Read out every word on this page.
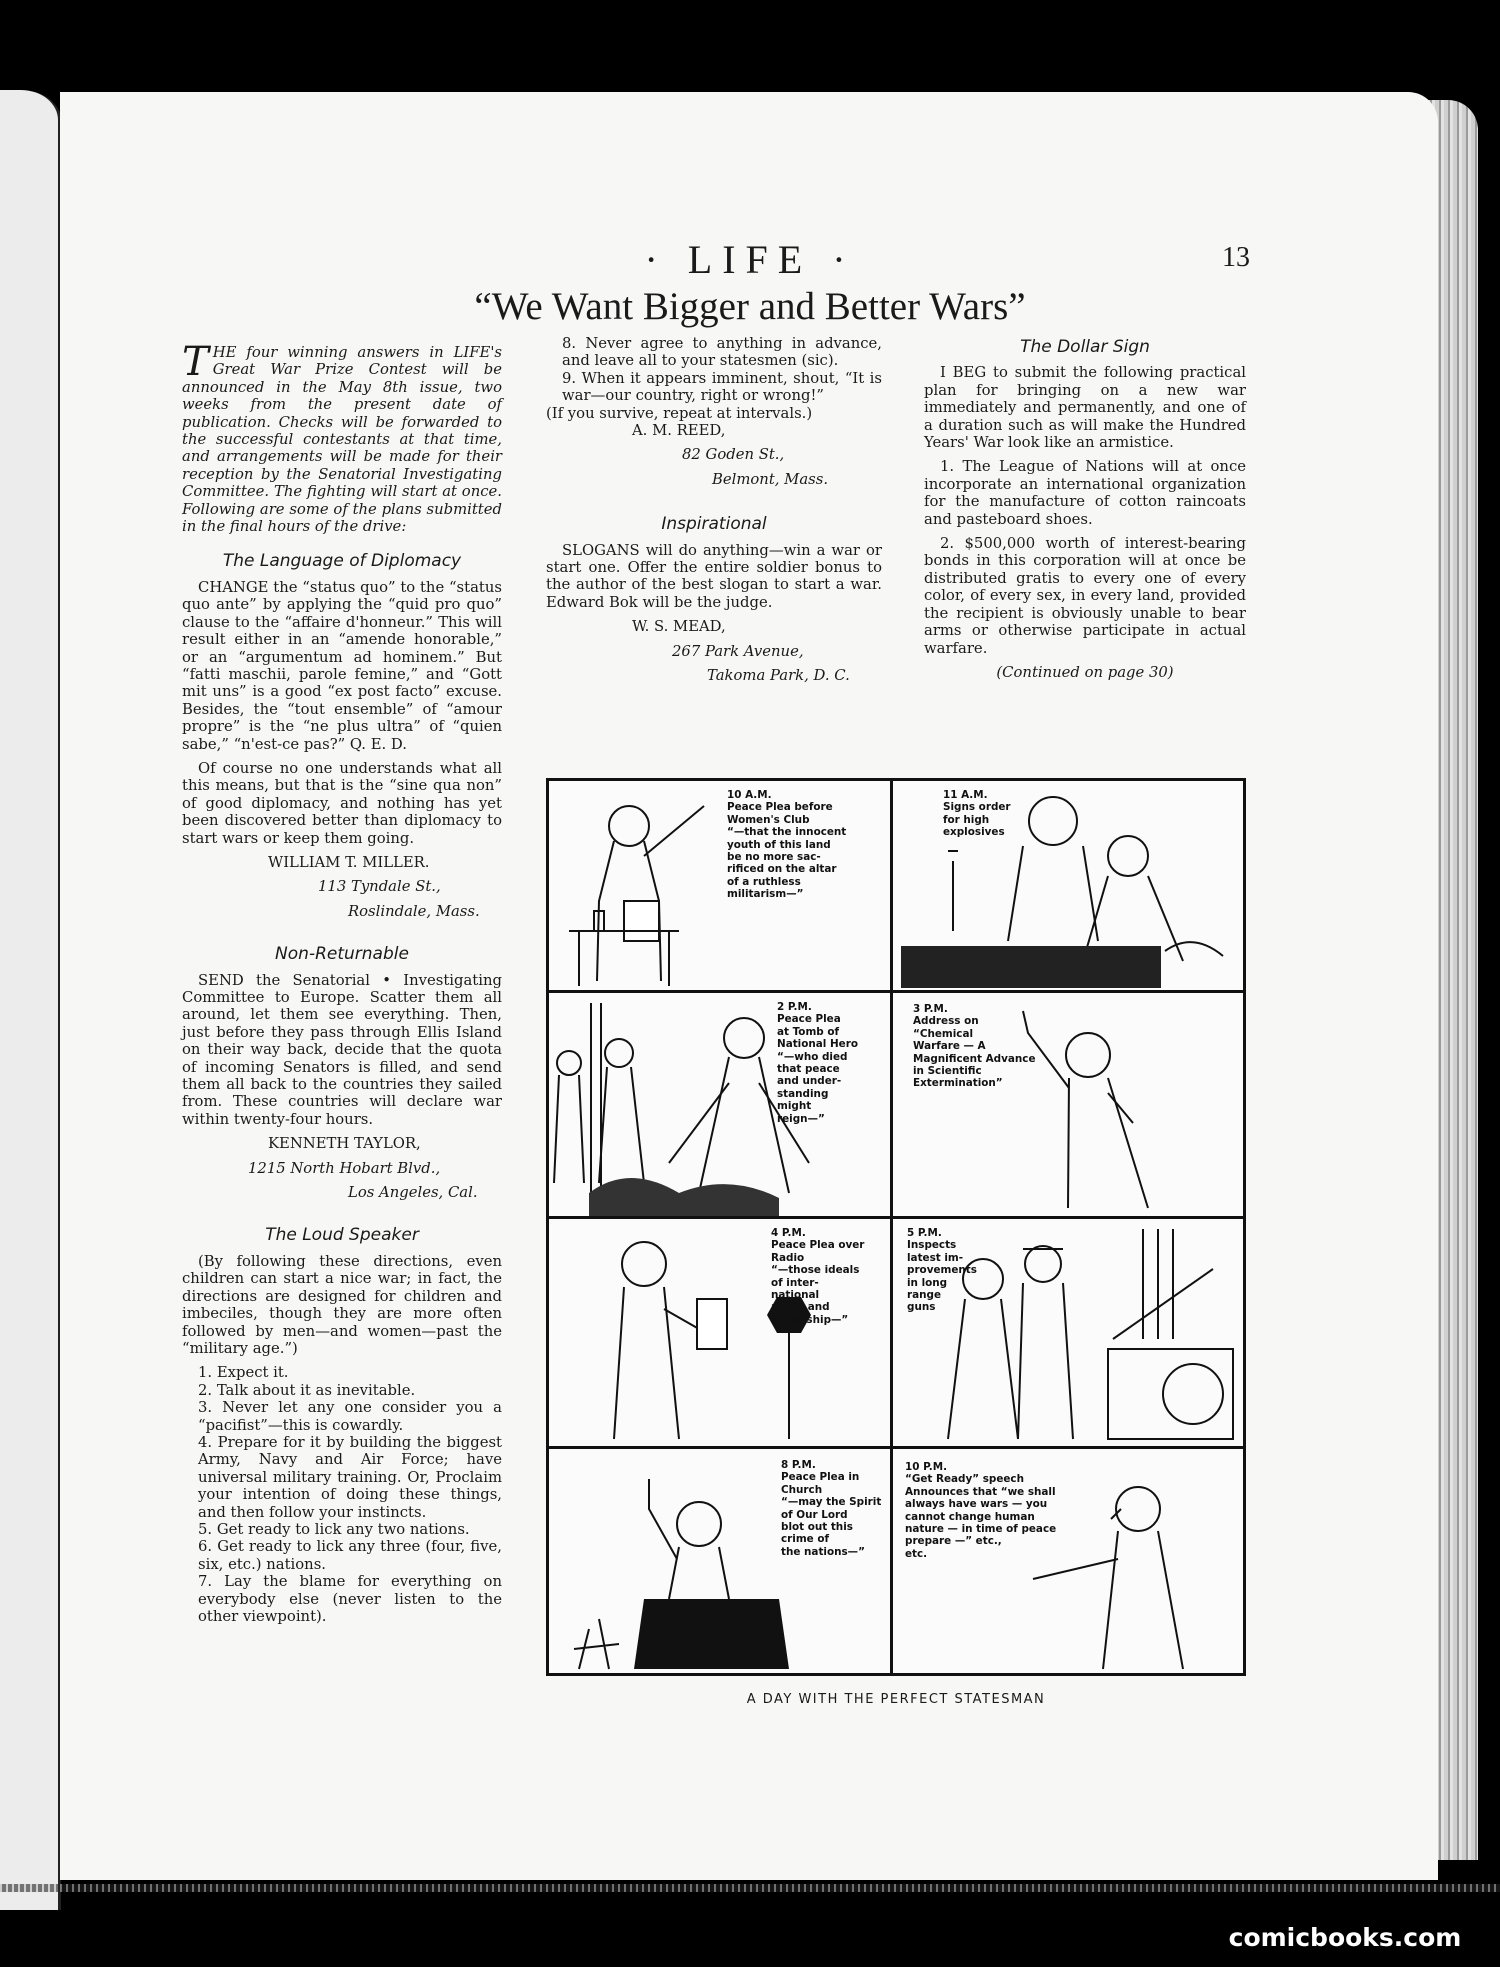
· LIFE ·	13
“We Want Bigger and Better Wars”

THE four winning answers in LIFE's Great War Prize Contest will be announced in the May 8th issue, two weeks from the present date of publication. Checks will be forwarded to the successful contestants at that time, and arrangements will be made for their reception by the Senatorial Investigating Committee. The fighting will start at once. Following are some of the plans submitted in the final hours of the drive:

The Language of Diplomacy

CHANGE the “status quo” to the “status quo ante” by applying the “quid pro quo” clause to the “affaire d'honneur.” This will result either in an “amende honorable,” or an “argumentum ad hominem.” But “fatti maschii, parole femine,” and “Gott mit uns” is a good “ex post facto” excuse. Besides, the “tout ensemble” of “amour propre” is the “ne plus ultra” of “quien sabe,” “n'est-ce pas?” Q. E. D.

Of course no one understands what all this means, but that is the “sine qua non” of good diplomacy, and nothing has yet been discovered better than diplomacy to start wars or keep them going.

WILLIAM T. MILLER.

113 Tyndale St.,

Roslindale, Mass.

Non-Returnable

SEND the Senatorial • Investigating Committee to Europe. Scatter them all around, let them see everything. Then, just before they pass through Ellis Island on their way back, decide that the quota of incoming Senators is filled, and send them all back to the countries they sailed from. These countries will declare war within twenty-four hours.

KENNETH TAYLOR,

1215 North Hobart Blvd.,

Los Angeles, Cal.

The Loud Speaker

(By following these directions, even children can start a nice war; in fact, the directions are designed for children and imbeciles, though they are more often followed by men—and women—past the “military age.”)

1. Expect it.

2. Talk about it as inevitable.

3. Never let any one consider you a “pacifist”—this is cowardly.

4. Prepare for it by building the biggest Army, Navy and Air Force; have universal military training. Or, Proclaim your intention of doing these things, and then follow your instincts.

5. Get ready to lick any two nations.

6. Get ready to lick any three (four, five, six, etc.) nations.

7. Lay the blame for everything on everybody else (never listen to the other viewpoint).

8. Never agree to anything in advance, and leave all to your statesmen (sic).

9. When it appears imminent, shout, “It is war—our country, right or wrong!”

(If you survive, repeat at intervals.)

A. M. REED,

82 Goden St.,

Belmont, Mass.

Inspirational

SLOGANS will do anything—win a war or start one. Offer the entire soldier bonus to the author of the best slogan to start a war. Edward Bok will be the judge.

W. S. MEAD,

267 Park Avenue,

Takoma Park, D. C.

The Dollar Sign

I BEG to submit the following practical plan for bringing on a new war immediately and permanently, and one of a duration such as will make the Hundred Years' War look like an armistice.

1. The League of Nations will at once incorporate an international organization for the manufacture of cotton raincoats and pasteboard shoes.

2. $500,000 worth of interest-bearing bonds in this corporation will at once be distributed gratis to every one of every color, of every sex, in every land, provided the recipient is obviously unable to bear arms or otherwise participate in actual warfare.

(Continued on page 30)

10 A.M.
Peace Plea before
Women's Club
“—that the innocent
youth of this land
be no more sac-
rificed on the altar
of a ruthless
militarism—”
11 A.M.
Signs order
for high
explosives
2 P.M.
Peace Plea
at Tomb of
National Hero
“—who died
that peace
and under-
standing
might
reign—”
3 P.M.
Address on
“Chemical
Warfare — A
Magnificent Advance
in Scientific
Extermination”
4 P.M.
Peace Plea over
Radio
“—those ideals
of inter-
national
amity and
fellowship—”
5 P.M.
Inspects
latest im-
provements
in long
range
guns
8 P.M.
Peace Plea in
Church
“—may the Spirit
of Our Lord
blot out this
crime of
the nations—”
10 P.M.
“Get Ready” speech
Announces that “we shall
always have wars — you
cannot change human
nature — in time of peace
prepare —” etc.,
etc.
A DAY WITH THE PERFECT STATESMAN
comicbooks.com
